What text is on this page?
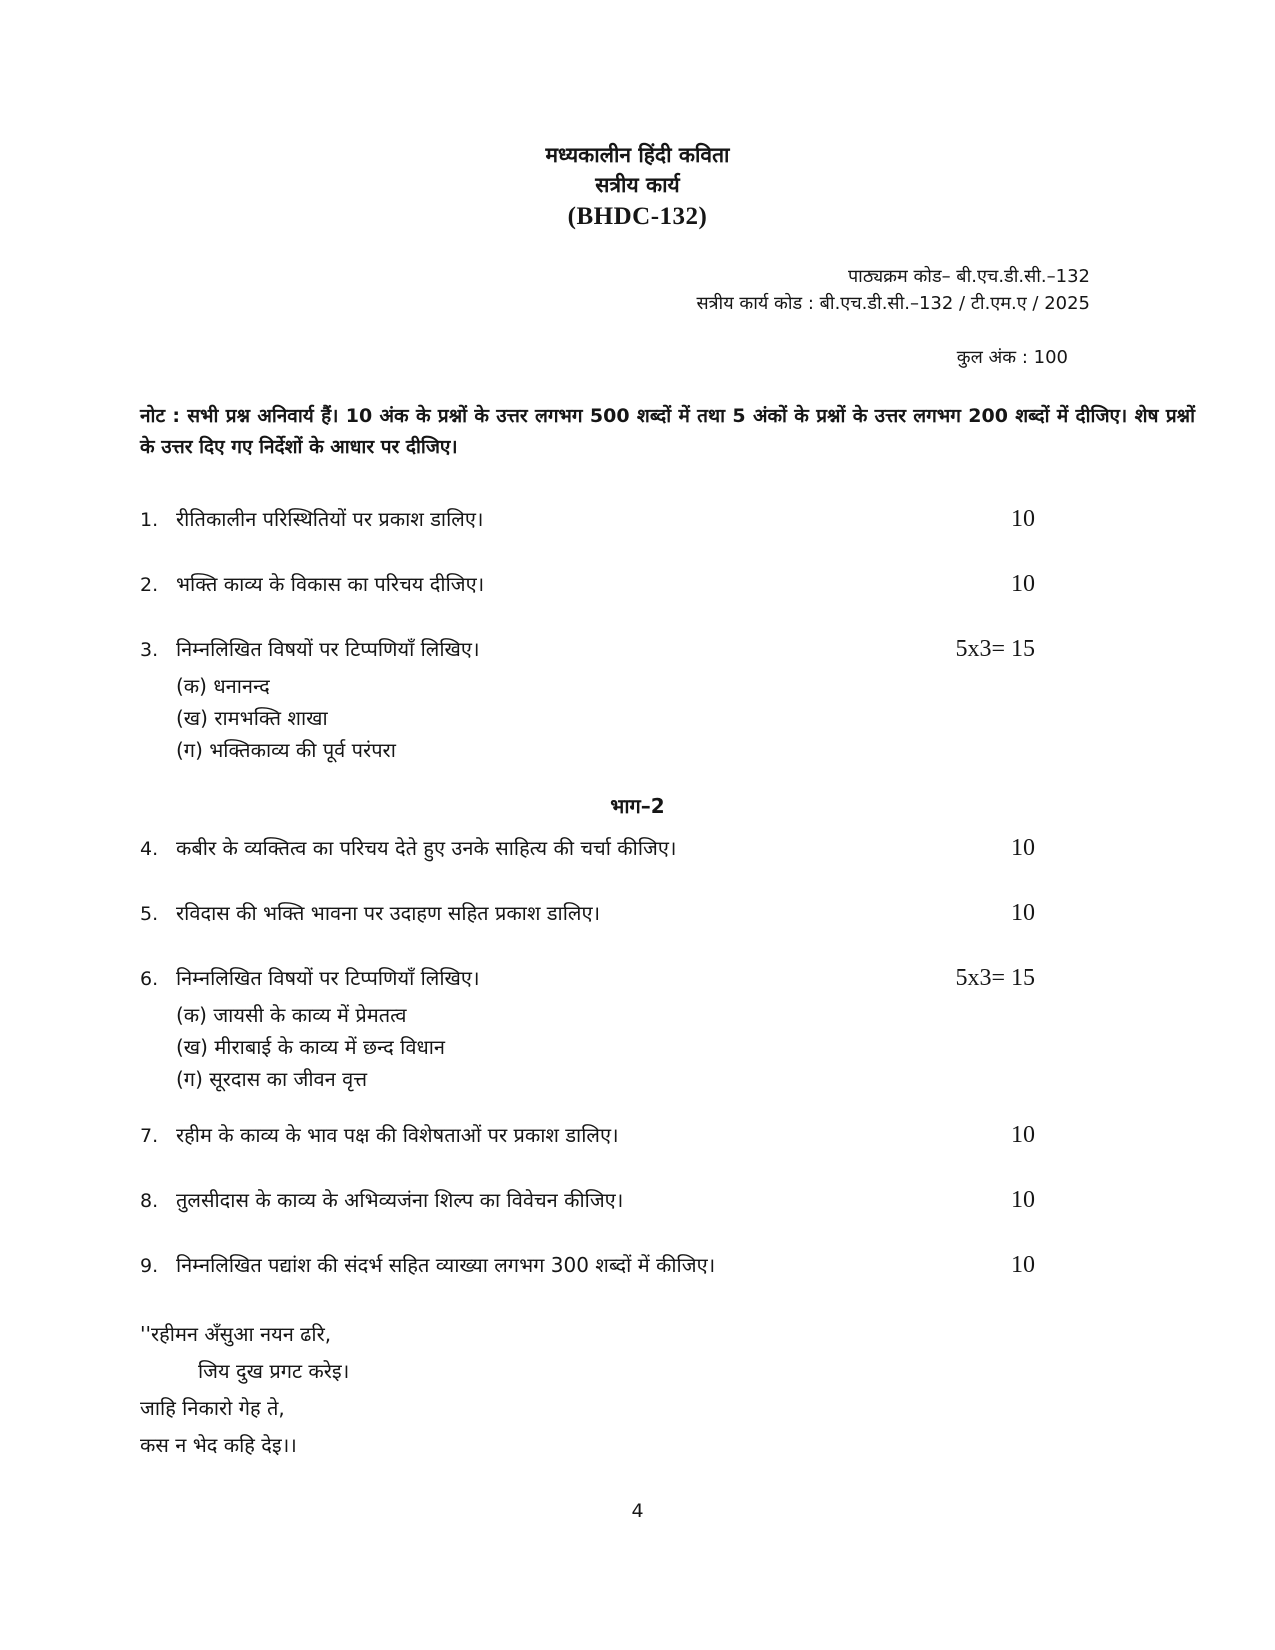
मध्यकालीन हिंदी कविता
सत्रीय कार्य
(BHDC-132)
पाठ्यक्रम कोड– बी.एच.डी.सी.–132
सत्रीय कार्य कोड : बी.एच.डी.सी.–132 / टी.एम.ए / 2025
कुल अंक : 100

नोट : सभी प्रश्न अनिवार्य हैं। 10 अंक के प्रश्नों के उत्तर लगभग 500 शब्दों में तथा 5 अंकों के प्रश्नों के उत्तर लगभग 200 शब्दों में दीजिए। शेष प्रश्नों के उत्तर दिए गए निर्देशों के आधार पर दीजिए।

1. रीतिकालीन परिस्थितियों पर प्रकाश डालिए।	10
2. भक्ति काव्य के विकास का परिचय दीजिए।	10
3. निम्नलिखित विषयों पर टिप्पणियाँ लिखिए।	5x3= 15
(क) धनानन्द
(ख) रामभक्ति शाखा
(ग) भक्तिकाव्य की पूर्व परंपरा
भाग–2
4. कबीर के व्यक्तित्व का परिचय देते हुए उनके साहित्य की चर्चा कीजिए।	10
5. रविदास की भक्ति भावना पर उदाहण सहित प्रकाश डालिए।	10
6. निम्नलिखित विषयों पर टिप्पणियाँ लिखिए।	5x3= 15
(क) जायसी के काव्य में प्रेमतत्व
(ख) मीराबाई के काव्य में छन्द विधान
(ग) सूरदास का जीवन वृत्त
7. रहीम के काव्य के भाव पक्ष की विशेषताओं पर प्रकाश डालिए।	10
8. तुलसीदास के काव्य के अभिव्यजंना शिल्प का विवेचन कीजिए।	10
9. निम्नलिखित पद्यांश की संदर्भ सहित व्याख्या लगभग 300 शब्दों में कीजिए।	10
''रहीमन अँसुआ नयन ढरि,
जिय दुख प्रगट करेइ।
जाहि निकारो गेह ते,
कस न भेद कहि देइ।।
4
